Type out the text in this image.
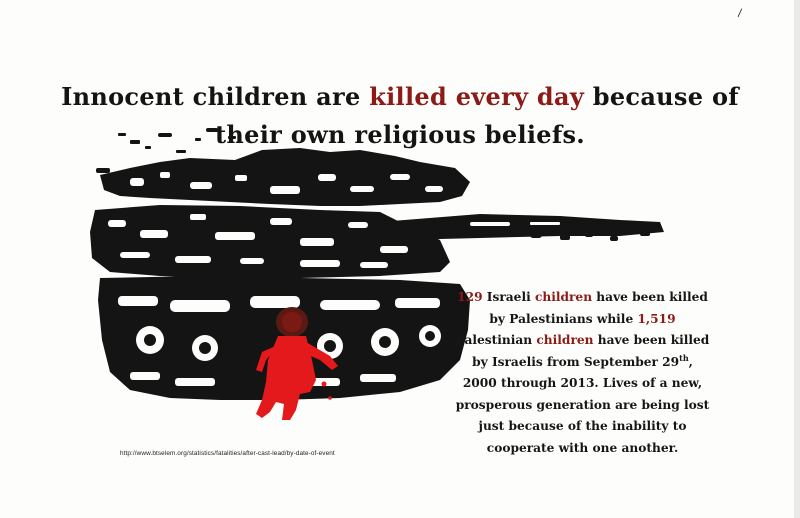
\
Innocent children are killed every day because of their own religious beliefs.
129 Israeli children have been killed by Palestinians while 1,519 Palestinian children have been killed by Israelis from September 29th, 2000 through 2013. Lives of a new, prosperous generation are being lost just because of the inability to cooperate with one another.
http://www.btselem.org/statistics/fatalities/after-cast-lead/by-date-of-event
